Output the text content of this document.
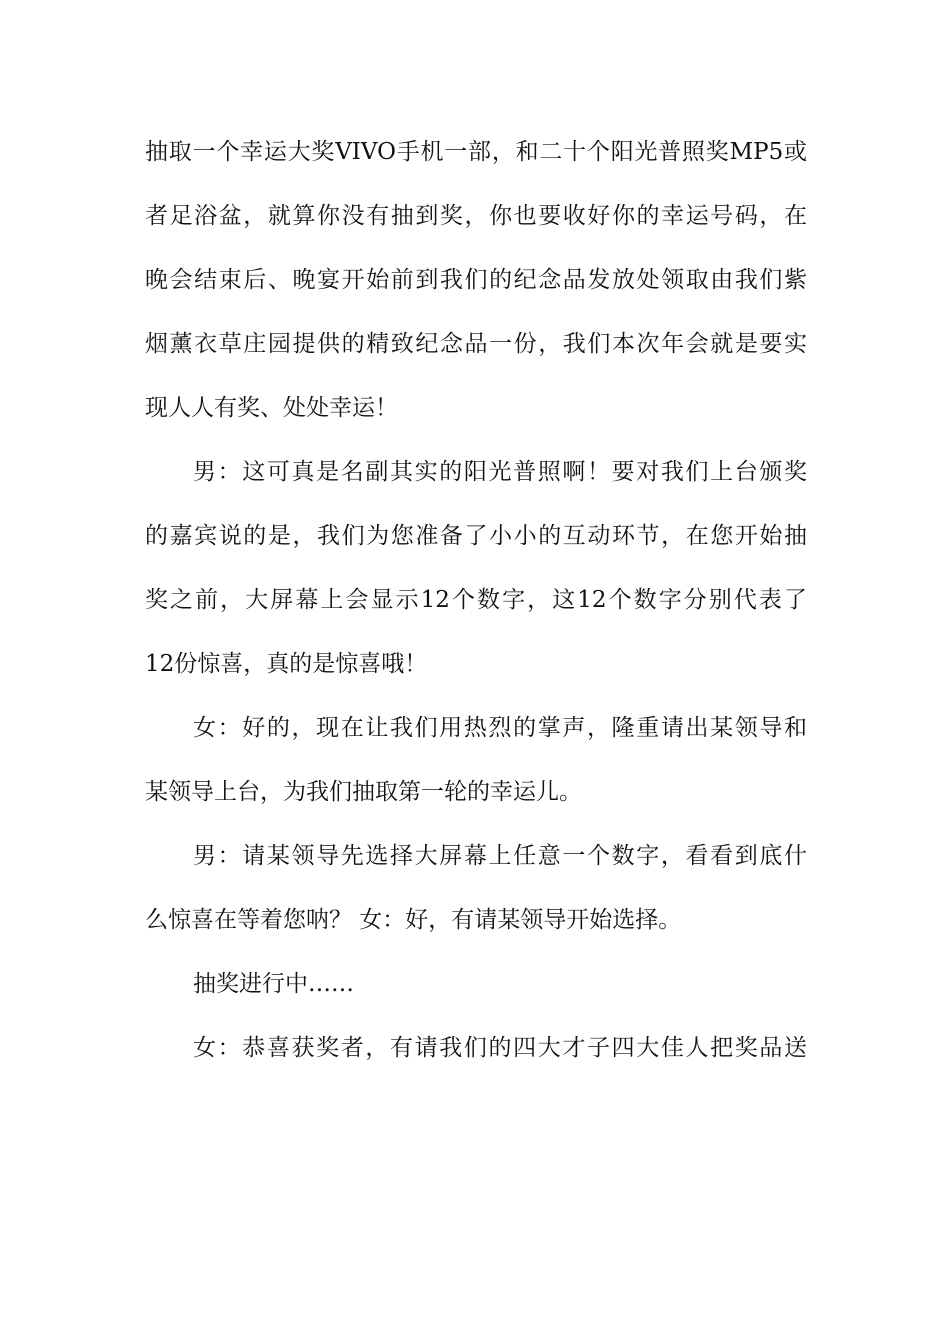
抽取一个幸运大奖VIVO手机一部，和二十个阳光普照奖MP5或
者足浴盆，就算你没有抽到奖，你也要收好你的幸运号码，在
晚会结束后、晚宴开始前到我们的纪念品发放处领取由我们紫
烟薰衣草庄园提供的精致纪念品一份，我们本次年会就是要实
现人人有奖、处处幸运！
男：这可真是名副其实的阳光普照啊！要对我们上台颁奖
的嘉宾说的是，我们为您准备了小小的互动环节，在您开始抽
奖之前，大屏幕上会显示12个数字，这12个数字分别代表了
12份惊喜，真的是惊喜哦！
女：好的，现在让我们用热烈的掌声，隆重请出某领导和
某领导上台，为我们抽取第一轮的幸运儿。
男：请某领导先选择大屏幕上任意一个数字，看看到底什
么惊喜在等着您呐？ 女：好，有请某领导开始选择。
抽奖进行中……
女：恭喜获奖者，有请我们的四大才子四大佳人把奖品送
